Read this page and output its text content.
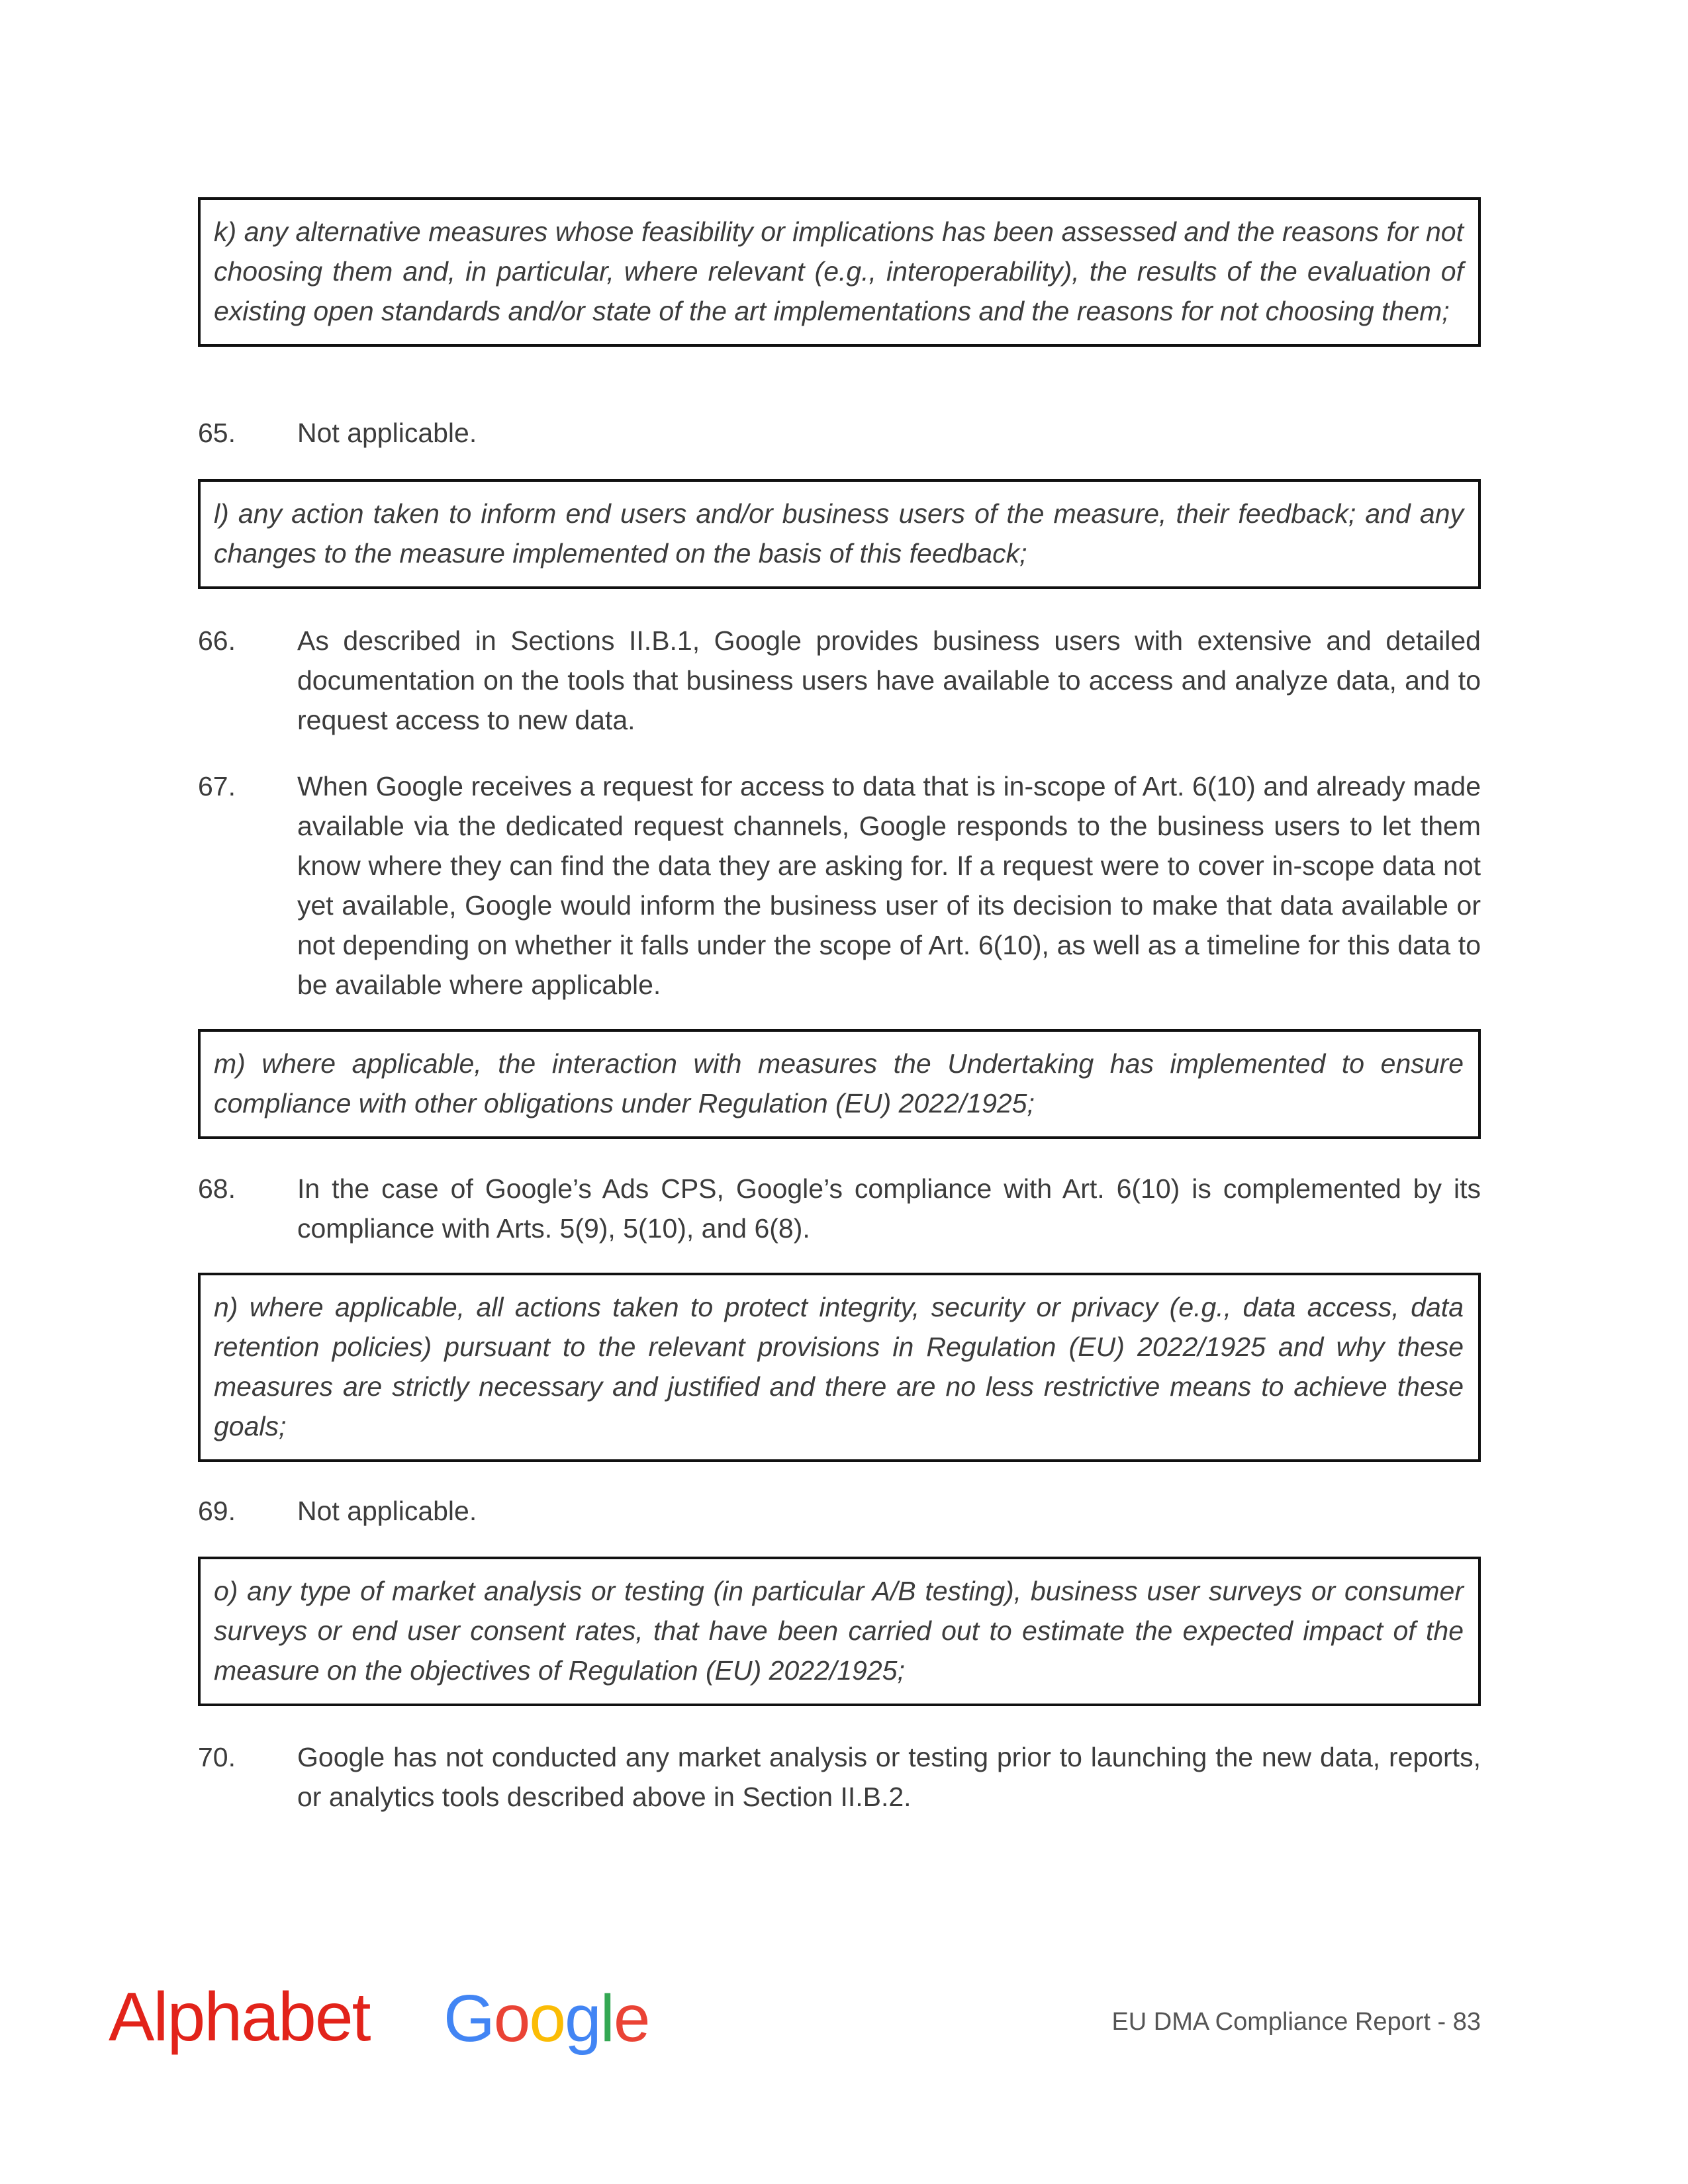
k) any alternative measures whose feasibility or implications has been assessed and the reasons for not choosing them and, in particular, where relevant (e.g., interoperability), the results of the evaluation of existing open standards and/or state of the art implementations and the reasons for not choosing them;
65. Not applicable.
l) any action taken to inform end users and/or business users of the measure, their feedback; and any changes to the measure implemented on the basis of this feedback;
66. As described in Sections II.B.1, Google provides business users with extensive and detailed documentation on the tools that business users have available to access and analyze data, and to request access to new data.
67. When Google receives a request for access to data that is in-scope of Art. 6(10) and already made available via the dedicated request channels, Google responds to the business users to let them know where they can find the data they are asking for. If a request were to cover in-scope data not yet available, Google would inform the business user of its decision to make that data available or not depending on whether it falls under the scope of Art. 6(10), as well as a timeline for this data to be available where applicable.
m) where applicable, the interaction with measures the Undertaking has implemented to ensure compliance with other obligations under Regulation (EU) 2022/1925;
68. In the case of Google’s Ads CPS, Google’s compliance with Art. 6(10) is complemented by its compliance with Arts. 5(9), 5(10), and 6(8).
n) where applicable, all actions taken to protect integrity, security or privacy (e.g., data access, data retention policies) pursuant to the relevant provisions in Regulation (EU) 2022/1925 and why these measures are strictly necessary and justified and there are no less restrictive means to achieve these goals;
69. Not applicable.
o) any type of market analysis or testing (in particular A/B testing), business user surveys or consumer surveys or end user consent rates, that have been carried out to estimate the expected impact of the measure on the objectives of Regulation (EU) 2022/1925;
70. Google has not conducted any market analysis or testing prior to launching the new data, reports, or analytics tools described above in Section II.B.2.
Alphabet Google	EU DMA Compliance Report - 83
